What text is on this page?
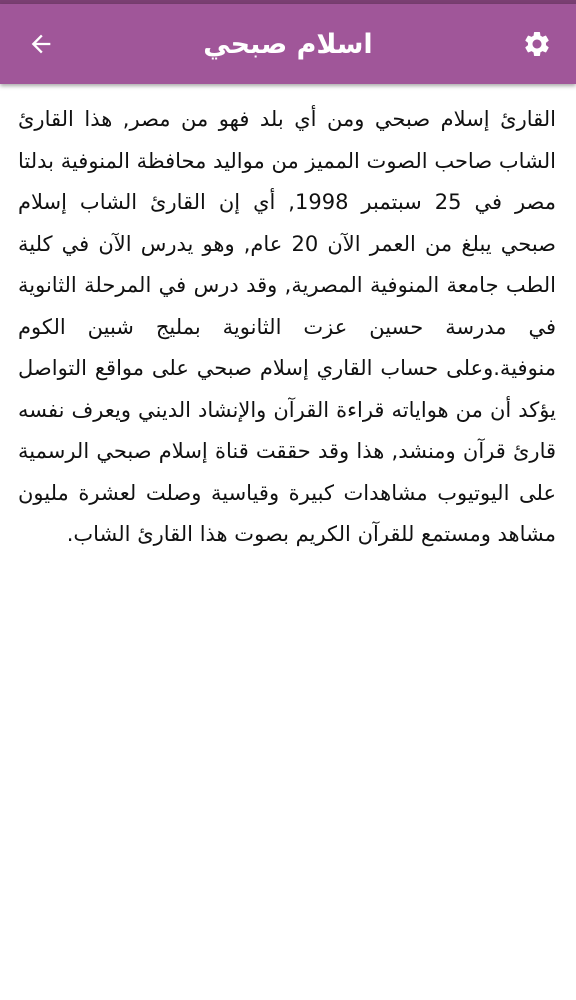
اسلام صبحي
القارئ إسلام صبحي ومن أي بلد فهو من مصر, هذا القارئ الشاب صاحب الصوت المميز من مواليد محافظة المنوفية بدلتا مصر في 25 سبتمبر 1998, أي إن القارئ الشاب إسلام صبحي يبلغ من العمر الآن 20 عام, وهو يدرس الآن في كلية الطب جامعة المنوفية المصرية, وقد درس في المرحلة الثانوية في مدرسة حسين عزت الثانوية بمليج شبين الكوم منوفية.وعلى حساب القاري إسلام صبحي على مواقع التواصل يؤكد أن من هواياته قراءة القرآن والإنشاد الديني ويعرف نفسه قارئ قرآن ومنشد, هذا وقد حققت قناة إسلام صبحي الرسمية على اليوتيوب مشاهدات كبيرة وقياسية وصلت لعشرة مليون مشاهد ومستمع للقرآن الكريم بصوت هذا القارئ الشاب.
